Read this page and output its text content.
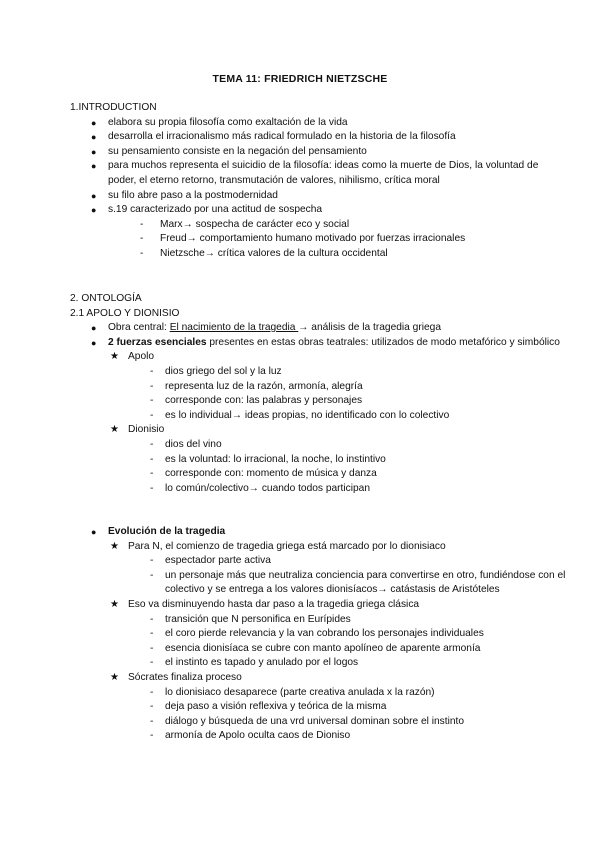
TEMA 11: FRIEDRICH NIETZSCHE
1.INTRODUCTION
● elabora su propia filosofía como exaltación de la vida
● desarrolla el irracionalismo más radical formulado en la historia de la filosofía
● su pensamiento consiste en la negación del pensamiento
● para muchos representa el suicidio de la filosofía: ideas como la muerte de Dios, la voluntad de poder, el eterno retorno, transmutación de valores, nihilismo, crítica moral
● su filo abre paso a la postmodernidad
● s.19 caracterizado por una actitud de sospecha
- Marx→ sospecha de carácter eco y social
- Freud→ comportamiento humano motivado por fuerzas irracionales
- Nietzsche→ crítica valores de la cultura occidental
2. ONTOLOGÍA
2.1 APOLO Y DIONISIO
● Obra central: El nacimiento de la tragedia → análisis de la tragedia griega
● 2 fuerzas esenciales presentes en estas obras teatrales: utilizados de modo metafórico y simbólico
★ Apolo
- dios griego del sol y la luz
- representa luz de la razón, armonía, alegría
- corresponde con: las palabras y personajes
- es lo individual→ ideas propias, no identificado con lo colectivo
★ Dionisio
- dios del vino
- es la voluntad: lo irracional, la noche, lo instintivo
- corresponde con: momento de música y danza
- lo común/colectivo→ cuando todos participan
● Evolución de la tragedia
★ Para N, el comienzo de tragedia griega está marcado por lo dionisiaco
- espectador parte activa
- un personaje más que neutraliza conciencia para convertirse en otro, fundiéndose con el colectivo y se entrega a los valores dionisíacos→ catástasis de Aristóteles
★ Eso va disminuyendo hasta dar paso a la tragedia griega clásica
- transición que N personifica en Eurípides
- el coro pierde relevancia y la van cobrando los personajes individuales
- esencia dionisíaca se cubre con manto apolíneo de aparente armonía
- el instinto es tapado y anulado por el logos
★ Sócrates finaliza proceso
- lo dionisiaco desaparece (parte creativa anulada x la razón)
- deja paso a visión reflexiva y teórica de la misma
- diálogo y búsqueda de una vrd universal dominan sobre el instinto
- armonía de Apolo oculta caos de Dioniso
